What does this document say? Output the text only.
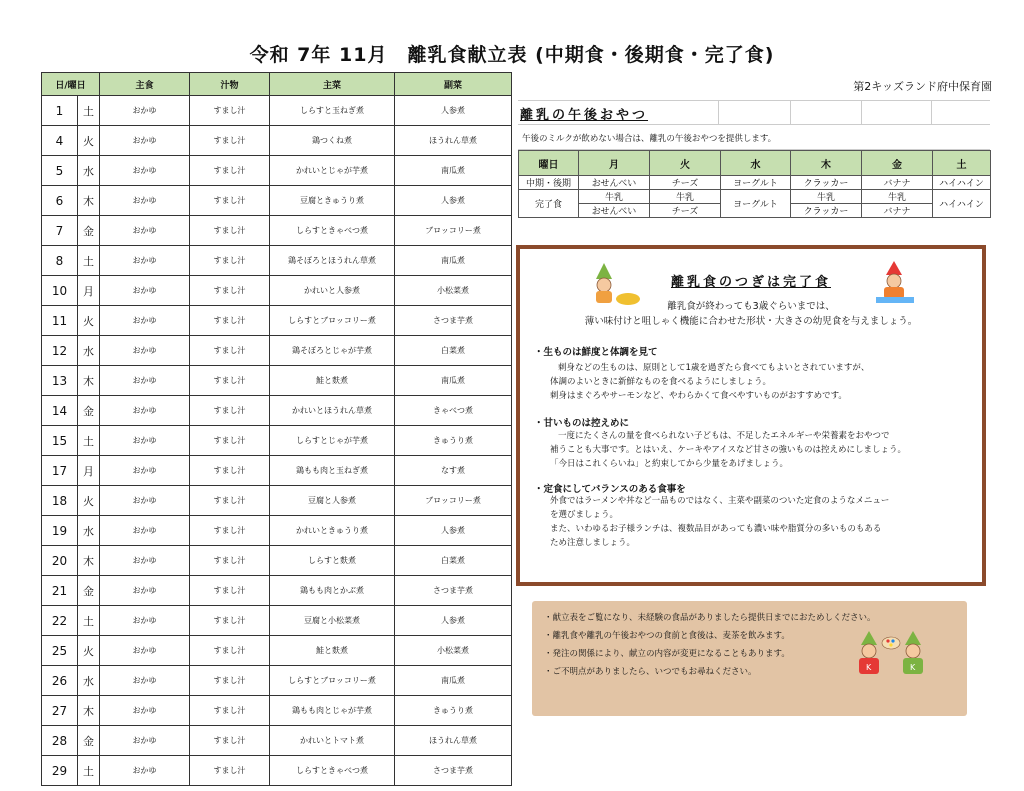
令和 7年 11月　離乳食献立表 (中期食・後期食・完了食)
第2キッズランド府中保育園
日/曜日		主食	汁物	主菜	副菜
1	土	おかゆ	すまし汁	しらすと玉ねぎ煮	人参煮
4	火	おかゆ	すまし汁	鶏つくね煮	ほうれん草煮
5	水	おかゆ	すまし汁	かれいとじゃが芋煮	南瓜煮
6	木	おかゆ	すまし汁	豆腐ときゅうり煮	人参煮
7	金	おかゆ	すまし汁	しらすときゃべつ煮	ブロッコリー煮
8	土	おかゆ	すまし汁	鶏そぼろとほうれん草煮	南瓜煮
10	月	おかゆ	すまし汁	かれいと人参煮	小松菜煮
11	火	おかゆ	すまし汁	しらすとブロッコリー煮	さつま芋煮
12	水	おかゆ	すまし汁	鶏そぼろとじゃが芋煮	白菜煮
13	木	おかゆ	すまし汁	鮭と麩煮	南瓜煮
14	金	おかゆ	すまし汁	かれいとほうれん草煮	きゃべつ煮
15	土	おかゆ	すまし汁	しらすとじゃが芋煮	きゅうり煮
17	月	おかゆ	すまし汁	鶏もも肉と玉ねぎ煮	なす煮
18	火	おかゆ	すまし汁	豆腐と人参煮	ブロッコリー煮
19	水	おかゆ	すまし汁	かれいときゅうり煮	人参煮
20	木	おかゆ	すまし汁	しらすと麩煮	白菜煮
21	金	おかゆ	すまし汁	鶏もも肉とかぶ煮	さつま芋煮
22	土	おかゆ	すまし汁	豆腐と小松菜煮	人参煮
25	火	おかゆ	すまし汁	鮭と麩煮	小松菜煮
26	水	おかゆ	すまし汁	しらすとブロッコリー煮	南瓜煮
27	木	おかゆ	すまし汁	鶏もも肉とじゃが芋煮	きゅうり煮
28	金	おかゆ	すまし汁	かれいとトマト煮	ほうれん草煮
29	土	おかゆ	すまし汁	しらすときゃべつ煮	さつま芋煮
離乳の午後おやつ
午後のミルクが飲めない場合は、離乳の午後おやつを提供します。
曜日	月	火	水	木	金	土
中期・後期	おせんべい	チーズ	ヨーグルト	クラッカー	バナナ	ハイハイン
完了食	牛乳	牛乳	ヨーグルト	牛乳	牛乳	ハイハイン
	おせんべい	チーズ		クラッカー	バナナ	
離乳食のつぎは完了食
離乳食が終わっても3歳ぐらいまでは、
薄い味付けと咀しゃく機能に合わせた形状・大きさの幼児食を与えましょう。
・生ものは鮮度と体調を見て
刺身などの生ものは、原則として1歳を過ぎたら食べてもよいとされていますが、
体調のよいときに新鮮なものを食べるようにしましょう。
刺身はまぐろやサーモンなど、やわらかくて食べやすいものがおすすめです。
・甘いものは控えめに
一度にたくさんの量を食べられない子どもは、不足したエネルギーや栄養素をおやつで
補うことも大事です。とはいえ、ケーキやアイスなど甘さの強いものは控えめにしましょう。
「今日はこれくらいね」と約束してから少量をあげましょう。
・定食にしてバランスのある食事を
外食ではラーメンや丼など一品ものではなく、主菜や副菜のついた定食のようなメニュー
を選びましょう。
また、いわゆるお子様ランチは、複数品目があっても濃い味や脂質分の多いものもある
ため注意しましょう。
・ 献立表をご覧になり、未経験の食品がありましたら提供日までにおためしください。
・ 離乳食や離乳の午後おやつの食前と食後は、麦茶を飲みます。
・ 発注の関係により、献立の内容が変更になることもあります。
・ ご不明点がありましたら、いつでもお尋ねください。	K	K
